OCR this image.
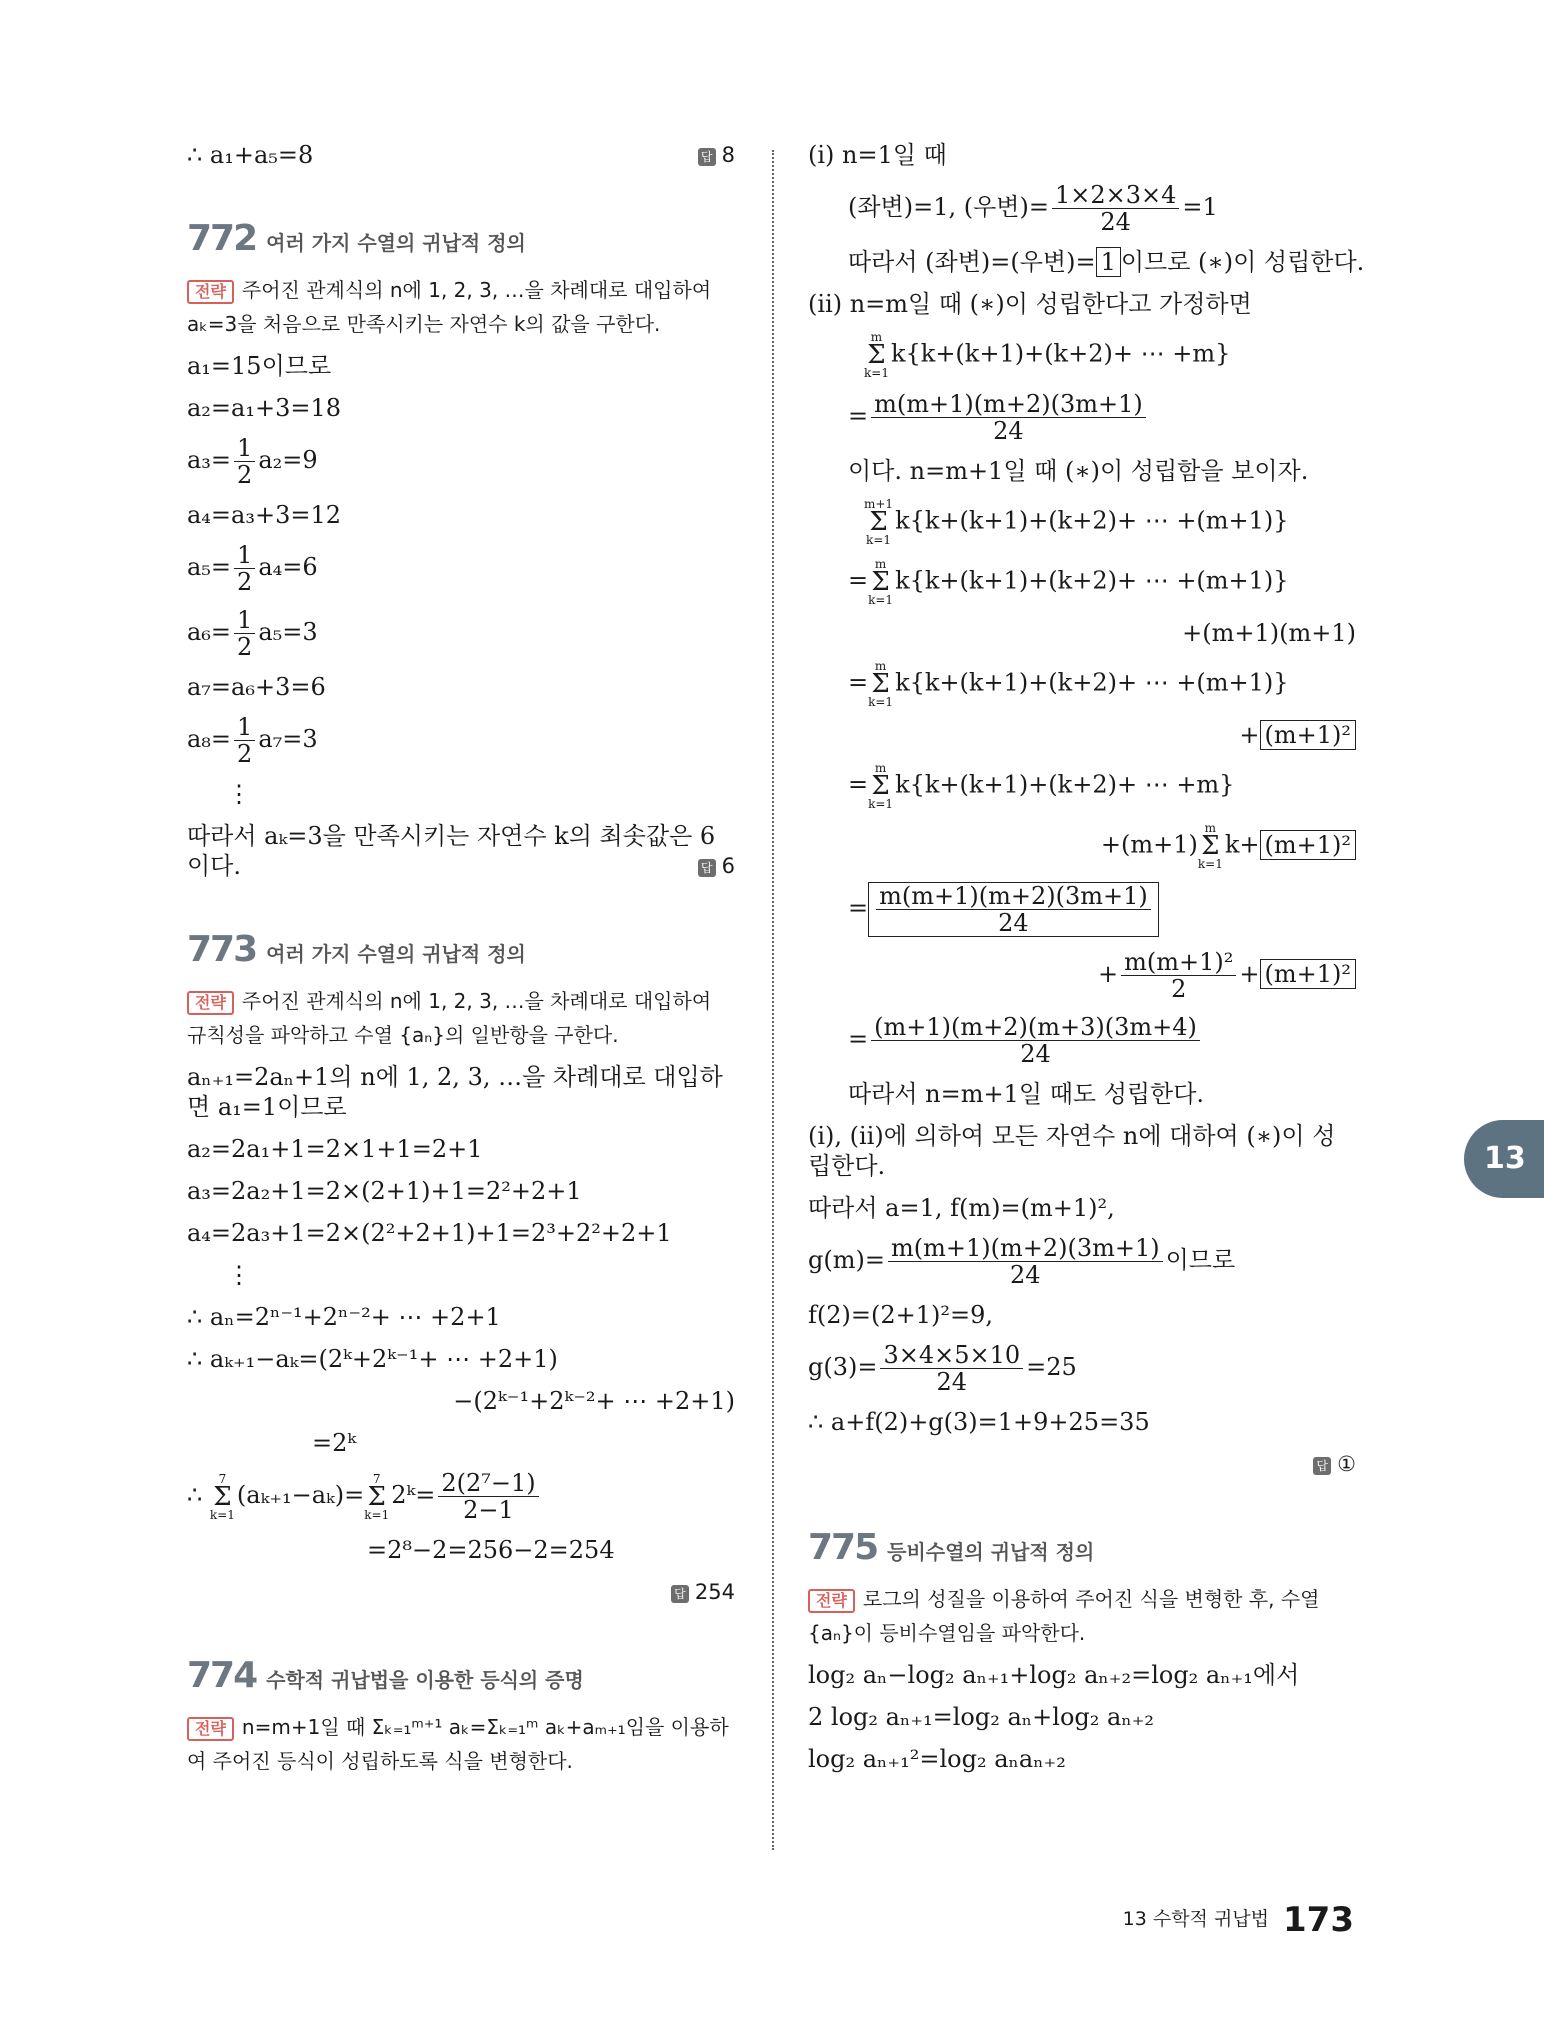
∴ a₁+a₅=8	답 8
772 여러 가지 수열의 귀납적 정의
전략 주어진 관계식의 n에 1, 2, 3, …을 차례대로 대입하여 aₖ=3을 처음으로 만족시키는 자연수 k의 값을 구한다.
a₁=15이므로
a₂=a₁+3=18
$a_3= \frac{1}{2} a_2=9$
a₄=a₃+3=12
$a_5= \frac{1}{2} a_4=6$
$a_6= \frac{1}{2} a_5=3$
a₇=a₆+3=6
$a_8= \frac{1}{2} a_7=3$
⋮
따라서 aₖ=3을 만족시키는 자연수 k의 최솟값은 6이다.	답 6
773 여러 가지 수열의 귀납적 정의
전략 주어진 관계식의 n에 1, 2, 3, …을 차례대로 대입하여 규칙성을 파악하고 수열 {aₙ}의 일반항을 구한다.
aₙ₊₁=2aₙ+1의 n에 1, 2, 3, …을 차례대로 대입하면 a₁=1이므로
a₂=2a₁+1=2×1+1=2+1
a₃=2a₂+1=2×(2+1)+1=2²+2+1
a₄=2a₃+1=2×(2²+2+1)+1=2³+2²+2+1
⋮
∴ aₙ=2ⁿ⁻¹+2ⁿ⁻²+ ⋯ +2+1
∴ aₖ₊₁−aₖ=(2ᵏ+2ᵏ⁻¹+ ⋯ +2+1)
−(2ᵏ⁻¹+2ᵏ⁻²+ ⋯ +2+1)
=2ᵏ
∴ 7
Σ
k=1(aₖ₊₁−aₖ)=7
Σ
k=12ᵏ= $\frac{\text{2(2⁷−1)}}{2-1}$
=2⁸−2=256−2=254
답 254
774 수학적 귀납법을 이용한 등식의 증명
전략 n=m+1일 때 Σₖ₌₁ᵐ⁺¹ aₖ=Σₖ₌₁ᵐ aₖ+aₘ₊₁임을 이용하여 주어진 등식이 성립하도록 식을 변형한다.
(ⅰ) n=1일 때
(좌변)=1, (우변)= $\frac{1\times 2\times 3\times 4}{24} =1$
따라서 (좌변)=(우변)= 1 이므로 (∗)이 성립한다.
(ⅱ) n=m일 때 (∗)이 성립한다고 가정하면
m
Σ
k=1k{k+(k+1)+(k+2)+ ⋯ +m}
= $\frac{m(m+1)(m+2)(3m+1)}{24}$
이다. n=m+1일 때 (∗)이 성립함을 보이자.
m+1
Σ
k=1k{k+(k+1)+(k+2)+ ⋯ +(m+1)}
=m
Σ
k=1k{k+(k+1)+(k+2)+ ⋯ +(m+1)}
+(m+1)(m+1)
=m
Σ
k=1k{k+(k+1)+(k+2)+ ⋯ +(m+1)}
+ (m+1)²
=m
Σ
k=1k{k+(k+1)+(k+2)+ ⋯ +m}
+(m+1)m
Σ
k=1k+ (m+1)²
= $\frac{m(m+1)(m+2)(3m+1)}{24}$
+ $\frac{\text{m(m+1)²}}{2} + (m+1)^2$
= $\frac{(m+1)(m+2)(m+3)(3m+4)}{24}$
따라서 n=m+1일 때도 성립한다.
(ⅰ), (ⅱ)에 의하여 모든 자연수 n에 대하여 (∗)이 성립한다.
따라서 a=1, f(m)=(m+1)²,
$g(m)= \frac{m(m+1)(m+2)(3m+1)}{24}$ 이므로
f(2)=(2+1)²=9,
$g(3)= \frac{3\times 4\times 5\times 10}{24} =25$
∴ a+f(2)+g(3)=1+9+25=35
답 ①
775 등비수열의 귀납적 정의
전략 로그의 성질을 이용하여 주어진 식을 변형한 후, 수열 {aₙ}이 등비수열임을 파악한다.
log₂ aₙ−log₂ aₙ₊₁+log₂ aₙ₊₂=log₂ aₙ₊₁에서
2 log₂ aₙ₊₁=log₂ aₙ+log₂ aₙ₊₂
log₂ aₙ₊₁²=log₂ aₙaₙ₊₂
13
13 수학적 귀납법 173
